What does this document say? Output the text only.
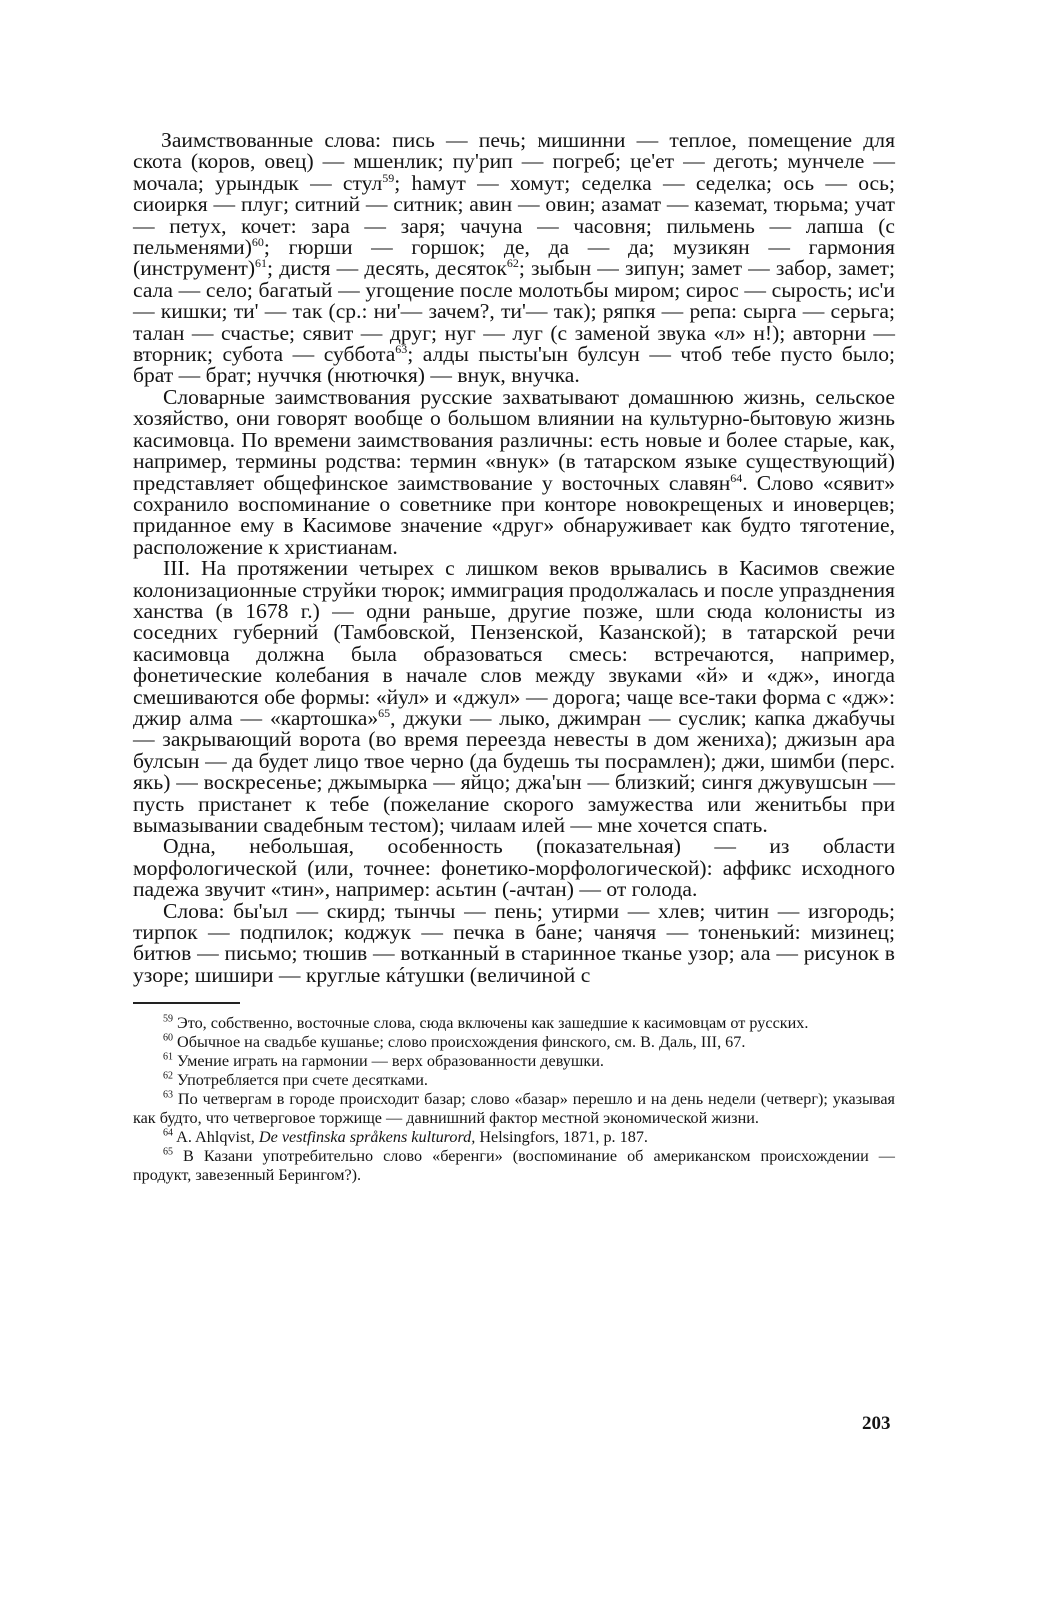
Заимствованные слова: пись — печь; мишинни — теплое, помещение для скота (коров, овец) — мшенлик; пу'рип — погреб; це'ет — деготь; мунчеле — мочала; урындык — стул$^{59}$; hамут — хомут; седелка — седелка; ось — ось; сиоиркя — плуг; ситний — ситник; авин — овин; азамат — каземат, тюрьма; учат — петух, кочет: зара — заря; чачуна — часовня; пильмень — лапша (с пельменями)$^{60}$; гюрши — горшок; де, да — да; музикян — гармония (инструмент)$^{61}$; дистя — десять, десяток$^{62}$; зыбын — зипун; замет — забор, замет; сала — село; багатый — угощение после молотьбы миром; сирос — сырость; ис'и — кишки; ти' — так (ср.: ни'— зачем?, ти'— так); ряпкя — репа: сырга — серьга; талан — счастье; сявит — друг; нуг — луг (с заменой звука «л» н!); авторни — вторник; субота — суббота$^{63}$; алды пысты'ын булсун — чтоб тебе пусто было; брат — брат; нуччкя (нютючкя) — внук, внучка.

Словарные заимствования русские захватывают домашнюю жизнь, сельское хозяйство, они говорят вообще о большом влиянии на культурно-бытовую жизнь касимовца. По времени заимствования различны: есть новые и более старые, как, например, термины родства: термин «внук» (в татарском языке существующий) представляет общефинское заимствование у восточных славян$^{64}$. Слово «сявит» сохранило воспоминание о советнике при конторе новокрещеных и иноверцев; приданное ему в Касимове значение «друг» обнаруживает как будто тяготение, расположение к христианам.

III. На протяжении четырех с лишком веков врывались в Касимов свежие колонизационные струйки тюрок; иммиграция продолжалась и после упразднения ханства (в 1678 г.) — одни раньше, другие позже, шли сюда колонисты из соседних губерний (Тамбовской, Пензенской, Казанской); в татарской речи касимовца должна была образоваться смесь: встречаются, например, фонетические колебания в начале слов между звуками «й» и «дж», иногда смешиваются обе формы: «йул» и «джул» — дорога; чаще все-таки форма с «дж»: джир алма — «картошка»$^{65}$, джуки — лыко, джимран — суслик; капка джабучы — закрывающий ворота (во время переезда невесты в дом жениха); джизын ара булсын — да будет лицо твое черно (да будешь ты посрамлен); джи, шимби (перс. якь) — воскресенье; джымырка — яйцо; джа'ын — близкий; сингя джувушсын — пусть пристанет к тебе (пожелание скорого замужества или женитьбы при вымазывании свадебным тестом); чилаам илей — мне хочется спать.

Одна, небольшая, особенность (показательная) — из области морфологической (или, точнее: фонетико-морфологической): аффикс исходного падежа звучит «тин», например: асьтин (-ачтан) — от голода.

Слова: бы'ыл — скирд; тынчы — пень; утирми — хлев; читин — изгородь; тирпок — подпилок; коджук — печка в бане; чанячя — тоненький: мизинец; битюв — письмо; тюшив — вотканный в старинное тканье узор; ала — рисунок в узоре; шишири — круглые кáтушки (величиной с

$^{59}$ Это, собственно, восточные слова, сюда включены как зашедшие к касимовцам от русских.

$^{60}$ Обычное на свадьбе кушанье; слово происхождения финского, см. В. Даль, III, 67.

$^{61}$ Умение играть на гармонии — верх образованности девушки.

$^{62}$ Употребляется при счете десятками.

$^{63}$ По четвергам в городе происходит базар; слово «базар» перешло и на день недели (четверг); указывая как будто, что четверговое торжище — давнишний фактор местной экономической жизни.

$^{64}$ A. Ahlqvist, De vestfinska språkens kulturord, Helsingfors, 1871, p. 187.

$^{65}$ В Казани употребительно слово «беренги» (воспоминание об американском происхождении — продукт, завезенный Берингом?).

203
